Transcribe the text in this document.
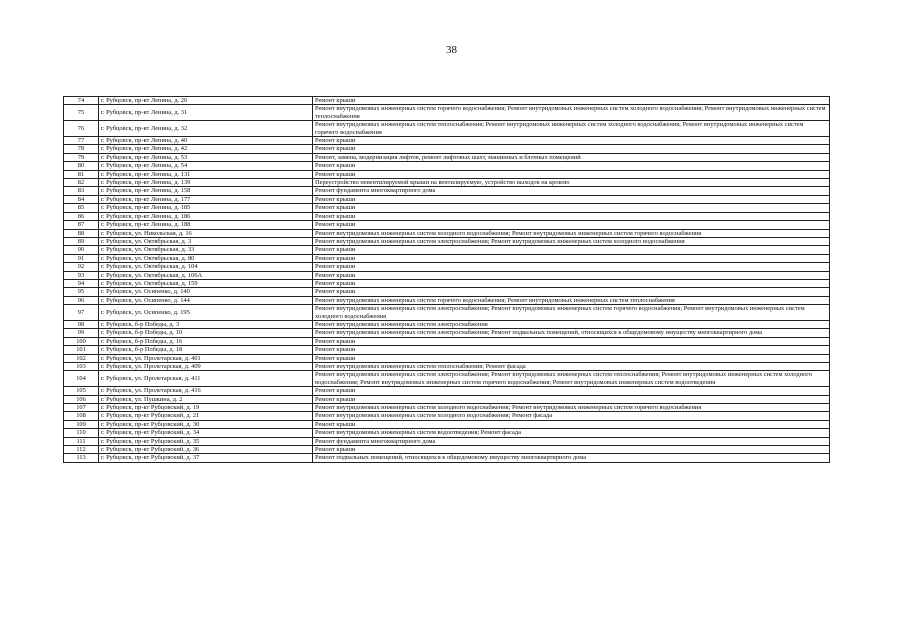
38
74	г. Рубцовск, пр-кт Ленина, д. 26	Ремонт крыши
75	г. Рубцовск, пр-кт Ленина, д. 31	Ремонт внутридомовых инженерных систем горячего водоснабжения; Ремонт внутридомовых инженерных систем холодного водоснабжения; Ремонт внутридомовых инженерных систем теплоснабжения
76	г. Рубцовск, пр-кт Ленина, д. 32	Ремонт внутридомовых инженерных систем теплоснабжения; Ремонт внутридомовых инженерных систем холодного водоснабжения; Ремонт внутридомовых инженерных систем горячего водоснабжения
77	г. Рубцовск, пр-кт Ленина, д. 40	Ремонт крыши
78	г. Рубцовск, пр-кт Ленина, д. 42	Ремонт крыши
79	г. Рубцовск, пр-кт Ленина, д. 53	Ремонт, замена, модернизация лифтов, ремонт лифтовых шахт, машинных и блочных помещений
80	г. Рубцовск, пр-кт Ленина, д. 54	Ремонт крыши
81	г. Рубцовск, пр-кт Ленина, д. 131	Ремонт крыши
82	г. Рубцовск, пр-кт Ленина, д. 139	Переустройство невентилируемой крыши на вентилируемую, устройство выходов на кровлю
83	г. Рубцовск, пр-кт Ленина, д. 158	Ремонт фундамента многоквартирного дома
84	г. Рубцовск, пр-кт Ленина, д. 177	Ремонт крыши
85	г. Рубцовск, пр-кт Ленина, д. 185	Ремонт крыши
86	г. Рубцовск, пр-кт Ленина, д. 186	Ремонт крыши
87	г. Рубцовск, пр-кт Ленина, д. 188	Ремонт крыши
88	г. Рубцовск, ул. Никольская, д. 16	Ремонт внутридомовых инженерных систем холодного водоснабжения; Ремонт внутридомовых инженерных систем горячего водоснабжения
89	г. Рубцовск, ул. Октябрьская, д. 3	Ремонт внутридомовых инженерных систем электроснабжения; Ремонт внутридомовых инженерных систем холодного водоснабжения
90	г. Рубцовск, ул. Октябрьская, д. 33	Ремонт крыши
91	г. Рубцовск, ул. Октябрьская, д. 80	Ремонт крыши
92	г. Рубцовск, ул. Октябрьская, д. 104	Ремонт крыши
93	г. Рубцовск, ул. Октябрьская, д. 106А	Ремонт крыши
94	г. Рубцовск, ул. Октябрьская, д. 159	Ремонт крыши
95	г. Рубцовск, ул. Осипенко, д. 140	Ремонт крыши
96	г. Рубцовск, ул. Осипенко, д. 144	Ремонт внутридомовых инженерных систем горячего водоснабжения; Ремонт внутридомовых инженерных систем теплоснабжения
97	г. Рубцовск, ул. Осипенко, д. 195	Ремонт внутридомовых инженерных систем электроснабжения; Ремонт внутридомовых инженерных систем горячего водоснабжения; Ремонт внутридомовых инженерных систем холодного водоснабжения
98	г. Рубцовск, б-р Победы, д. 3	Ремонт внутридомовых инженерных систем электроснабжения
99	г. Рубцовск, б-р Победы, д. 10	Ремонт внутридомовых инженерных систем электроснабжения; Ремонт подвальных помещений, относящихся к общедомовому имуществу многоквартирного дома
100	г. Рубцовск, б-р Победы, д. 16	Ремонт крыши
101	г. Рубцовск, б-р Победы, д. 18	Ремонт крыши
102	г. Рубцовск, ул. Пролетарская, д. 401	Ремонт крыши
103	г. Рубцовск, ул. Пролетарская, д. 409	Ремонт внутридомовых инженерных систем теплоснабжения; Ремонт фасада
104	г. Рубцовск, ул. Пролетарская, д. 411	Ремонт внутридомовых инженерных систем электроснабжения; Ремонт внутридомовых инженерных систем теплоснабжения; Ремонт внутридомовых инженерных систем холодного водоснабжения; Ремонт внутридомовых инженерных систем горячего водоснабжения; Ремонт внутридомовых инженерных систем водоотведения
105	г. Рубцовск, ул. Пролетарская, д. 416	Ремонт крыши
106	г. Рубцовск, ул. Пушкина, д. 2	Ремонт крыши
107	г. Рубцовск, пр-кт Рубцовский, д. 19	Ремонт внутридомовых инженерных систем холодного водоснабжения; Ремонт внутридомовых инженерных систем горячего водоснабжения
108	г. Рубцовск, пр-кт Рубцовский, д. 21	Ремонт внутридомовых инженерных систем холодного водоснабжения; Ремонт фасада
109	г. Рубцовск, пр-кт Рубцовский, д. 30	Ремонт крыши
110	г. Рубцовск, пр-кт Рубцовский, д. 34	Ремонт внутридомовых инженерных систем водоотведения; Ремонт фасада
111	г. Рубцовск, пр-кт Рубцовский, д. 35	Ремонт фундамента многоквартирного дома
112	г. Рубцовск, пр-кт Рубцовский, д. 36	Ремонт крыши
113	г. Рубцовск, пр-кт Рубцовский, д. 37	Ремонт подвальных помещений, относящихся к общедомовому имуществу многоквартирного дома
